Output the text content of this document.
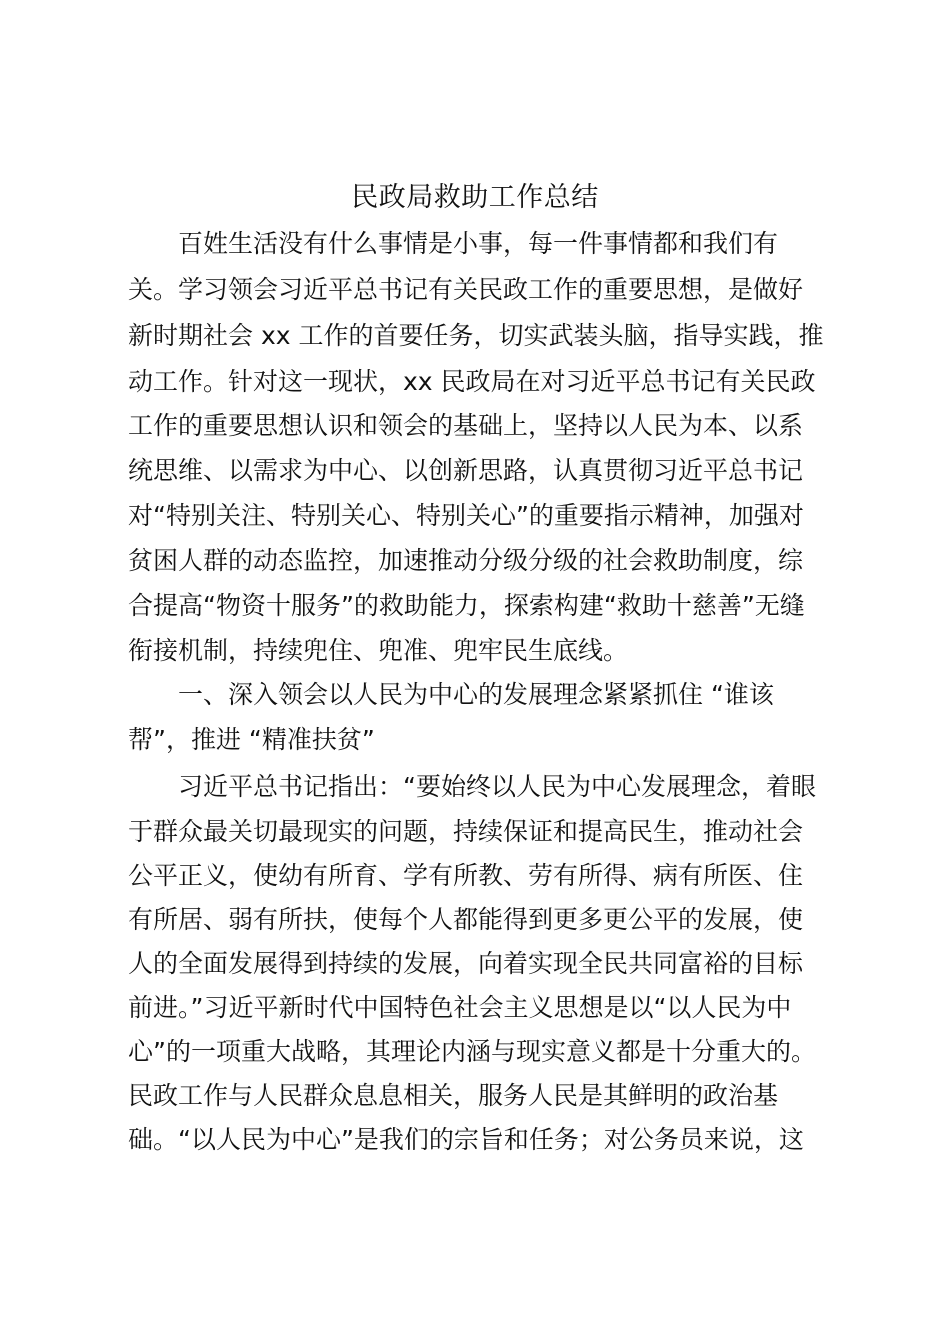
民政局救助工作总结
百姓生活没有什么事情是小事，每一件事情都和我们有
关。学习领会习近平总书记有关民政工作的重要思想，是做好
新时期社会 xx 工作的首要任务，切实武装头脑，指导实践，推
动工作。针对这一现状，xx 民政局在对习近平总书记有关民政
工作的重要思想认识和领会的基础上，坚持以人民为本、以系
统思维、以需求为中心、以创新思路，认真贯彻习近平总书记
对“特别关注、特别关心、特别关心”的重要指示精神，加强对
贫困人群的动态监控，加速推动分级分级的社会救助制度，综
合提高“物资十服务”的救助能力，探索构建“救助十慈善”无缝
衔接机制，持续兜住、兜准、兜牢民生底线。
一、深入领会以人民为中心的发展理念紧紧抓住 “谁该
帮”，推进 “精准扶贫”
习近平总书记指出：“要始终以人民为中心发展理念，着眼
于群众最关切最现实的问题，持续保证和提高民生，推动社会
公平正义，使幼有所育、学有所教、劳有所得、病有所医、住
有所居、弱有所扶，使每个人都能得到更多更公平的发展，使
人的全面发展得到持续的发展，向着实现全民共同富裕的目标
前进。”习近平新时代中国特色社会主义思想是以“以人民为中
心”的一项重大战略，其理论内涵与现实意义都是十分重大的。
民政工作与人民群众息息相关，服务人民是其鲜明的政治基
础。“以人民为中心”是我们的宗旨和任务；对公务员来说，这
